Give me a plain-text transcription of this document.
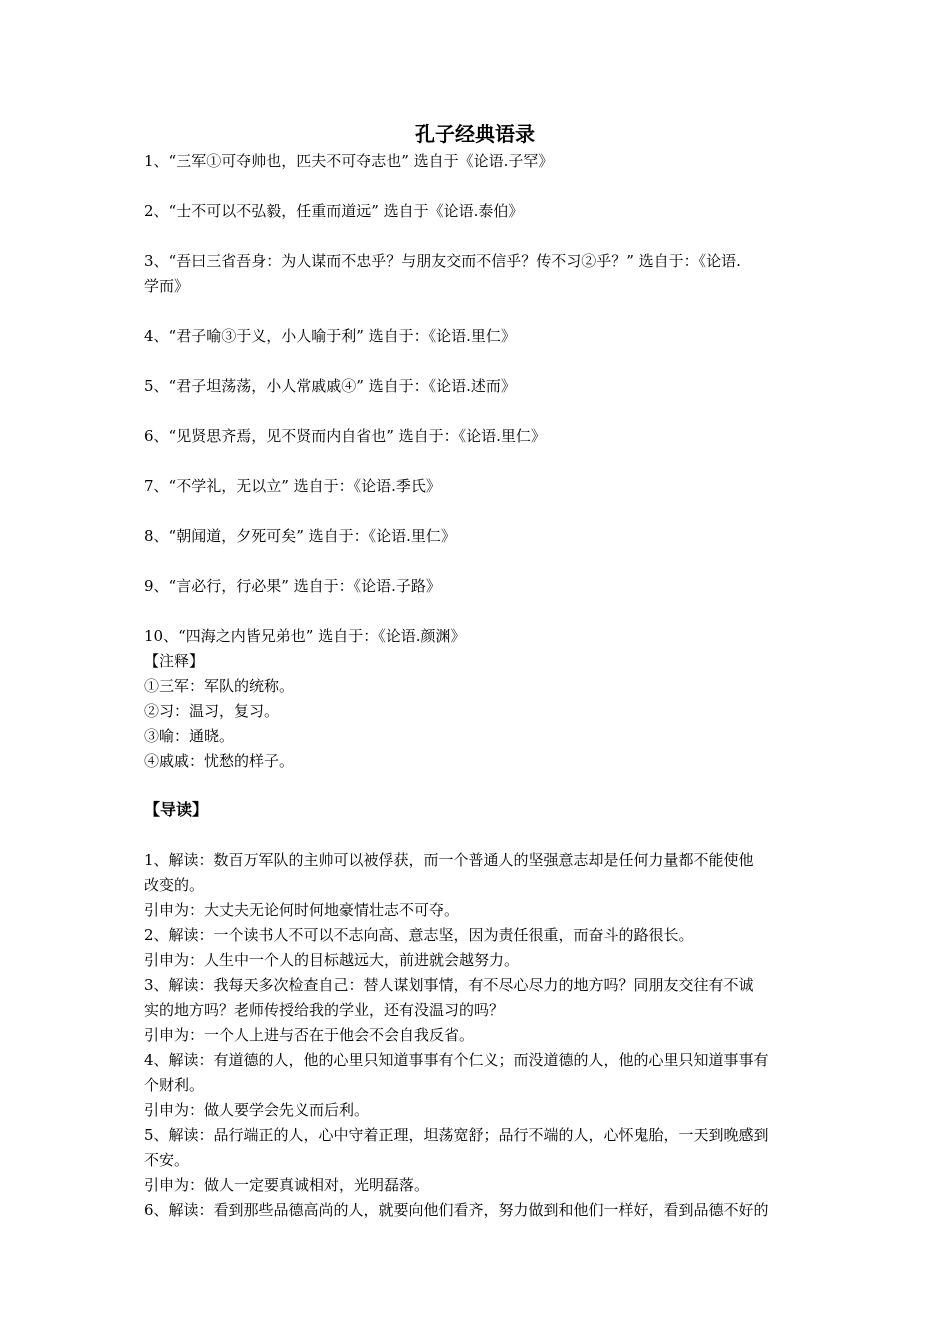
孔子经典语录
1、“三军①可夺帅也，匹夫不可夺志也” 选自于《论语.子罕》
2、“士不可以不弘毅，任重而道远” 选自于《论语.泰伯》
3、“吾曰三省吾身：为人谋而不忠乎？与朋友交而不信乎？传不习②乎？” 选自于：《论语.
学而》
4、“君子喻③于义，小人喻于利” 选自于：《论语.里仁》
5、“君子坦荡荡，小人常戚戚④” 选自于：《论语.述而》
6、“见贤思齐焉，见不贤而内自省也” 选自于：《论语.里仁》
7、“不学礼，无以立” 选自于：《论语.季氏》
8、“朝闻道，夕死可矣” 选自于：《论语.里仁》
9、“言必行，行必果” 选自于：《论语.子路》
10、“四海之内皆兄弟也” 选自于：《论语.颜渊》
【注释】
①三军：军队的统称。
②习：温习，复习。
③喻：通晓。
④戚戚：忧愁的样子。
【导读】
1、解读：数百万军队的主帅可以被俘获，而一个普通人的坚强意志却是任何力量都不能使他
改变的。
引申为：大丈夫无论何时何地豪情壮志不可夺。
2、解读：一个读书人不可以不志向高、意志坚，因为责任很重，而奋斗的路很长。
引申为：人生中一个人的目标越远大，前进就会越努力。
3、解读：我每天多次检查自己：替人谋划事情，有不尽心尽力的地方吗？同朋友交往有不诚
实的地方吗？老师传授给我的学业，还有没温习的吗？
引申为：一个人上进与否在于他会不会自我反省。
4、解读：有道德的人，他的心里只知道事事有个仁义；而没道德的人，他的心里只知道事事有
个财利。
引申为：做人要学会先义而后利。
5、解读：品行端正的人，心中守着正理，坦荡宽舒；品行不端的人，心怀鬼胎，一天到晚感到
不安。
引申为：做人一定要真诚相对，光明磊落。
6、解读：看到那些品德高尚的人，就要向他们看齐，努力做到和他们一样好，看到品德不好的
